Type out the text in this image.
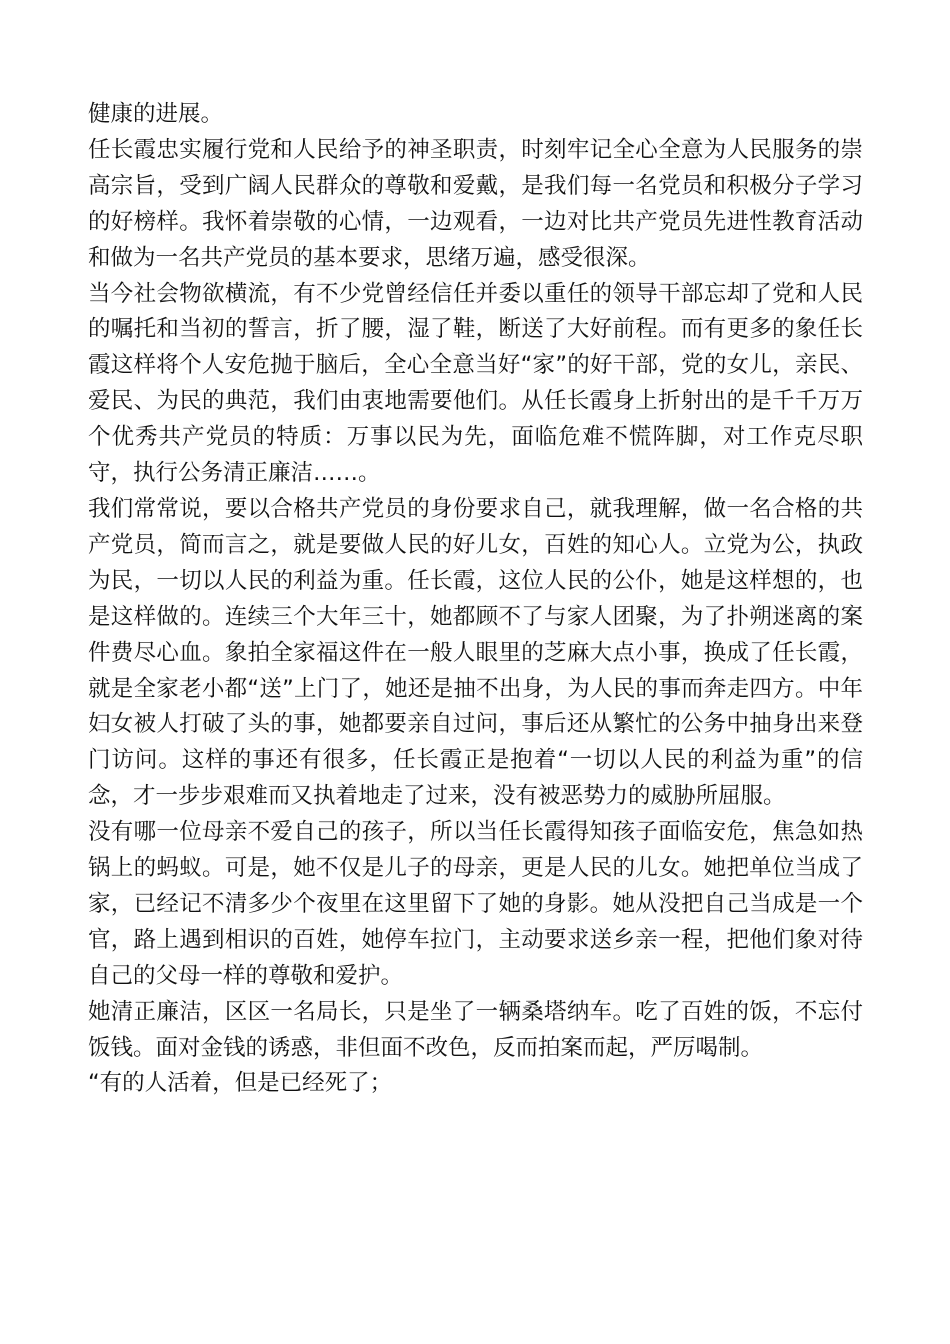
健康的进展。

任长霞忠实履行党和人民给予的神圣职责，时刻牢记全心全意为人民服务的崇高宗旨，受到广阔人民群众的尊敬和爱戴，是我们每一名党员和积极分子学习的好榜样。我怀着崇敬的心情，一边观看，一边对比共产党员先进性教育活动和做为一名共产党员的基本要求，思绪万遍，感受很深。

当今社会物欲横流，有不少党曾经信任并委以重任的领导干部忘却了党和人民的嘱托和当初的誓言，折了腰，湿了鞋，断送了大好前程。而有更多的象任长霞这样将个人安危抛于脑后，全心全意当好“家”的好干部，党的女儿，亲民、爱民、为民的典范，我们由衷地需要他们。从任长霞身上折射出的是千千万万个优秀共产党员的特质：万事以民为先，面临危难不慌阵脚，对工作克尽职守，执行公务清正廉洁……。

我们常常说，要以合格共产党员的身份要求自己，就我理解，做一名合格的共产党员，简而言之，就是要做人民的好儿女，百姓的知心人。立党为公，执政为民，一切以人民的利益为重。任长霞，这位人民的公仆，她是这样想的，也是这样做的。连续三个大年三十，她都顾不了与家人团聚，为了扑朔迷离的案件费尽心血。象拍全家福这件在一般人眼里的芝麻大点小事，换成了任长霞，就是全家老小都“送”上门了，她还是抽不出身，为人民的事而奔走四方。中年妇女被人打破了头的事，她都要亲自过问，事后还从繁忙的公务中抽身出来登门访问。这样的事还有很多，任长霞正是抱着“一切以人民的利益为重”的信念，才一步步艰难而又执着地走了过来，没有被恶势力的威胁所屈服。

没有哪一位母亲不爱自己的孩子，所以当任长霞得知孩子面临安危，焦急如热锅上的蚂蚁。可是，她不仅是儿子的母亲，更是人民的儿女。她把单位当成了家，已经记不清多少个夜里在这里留下了她的身影。她从没把自己当成是一个官，路上遇到相识的百姓，她停车拉门，主动要求送乡亲一程，把他们象对待自己的父母一样的尊敬和爱护。

她清正廉洁，区区一名局长，只是坐了一辆桑塔纳车。吃了百姓的饭，不忘付饭钱。面对金钱的诱惑，非但面不改色，反而拍案而起，严厉喝制。

“有的人活着，但是已经死了；
